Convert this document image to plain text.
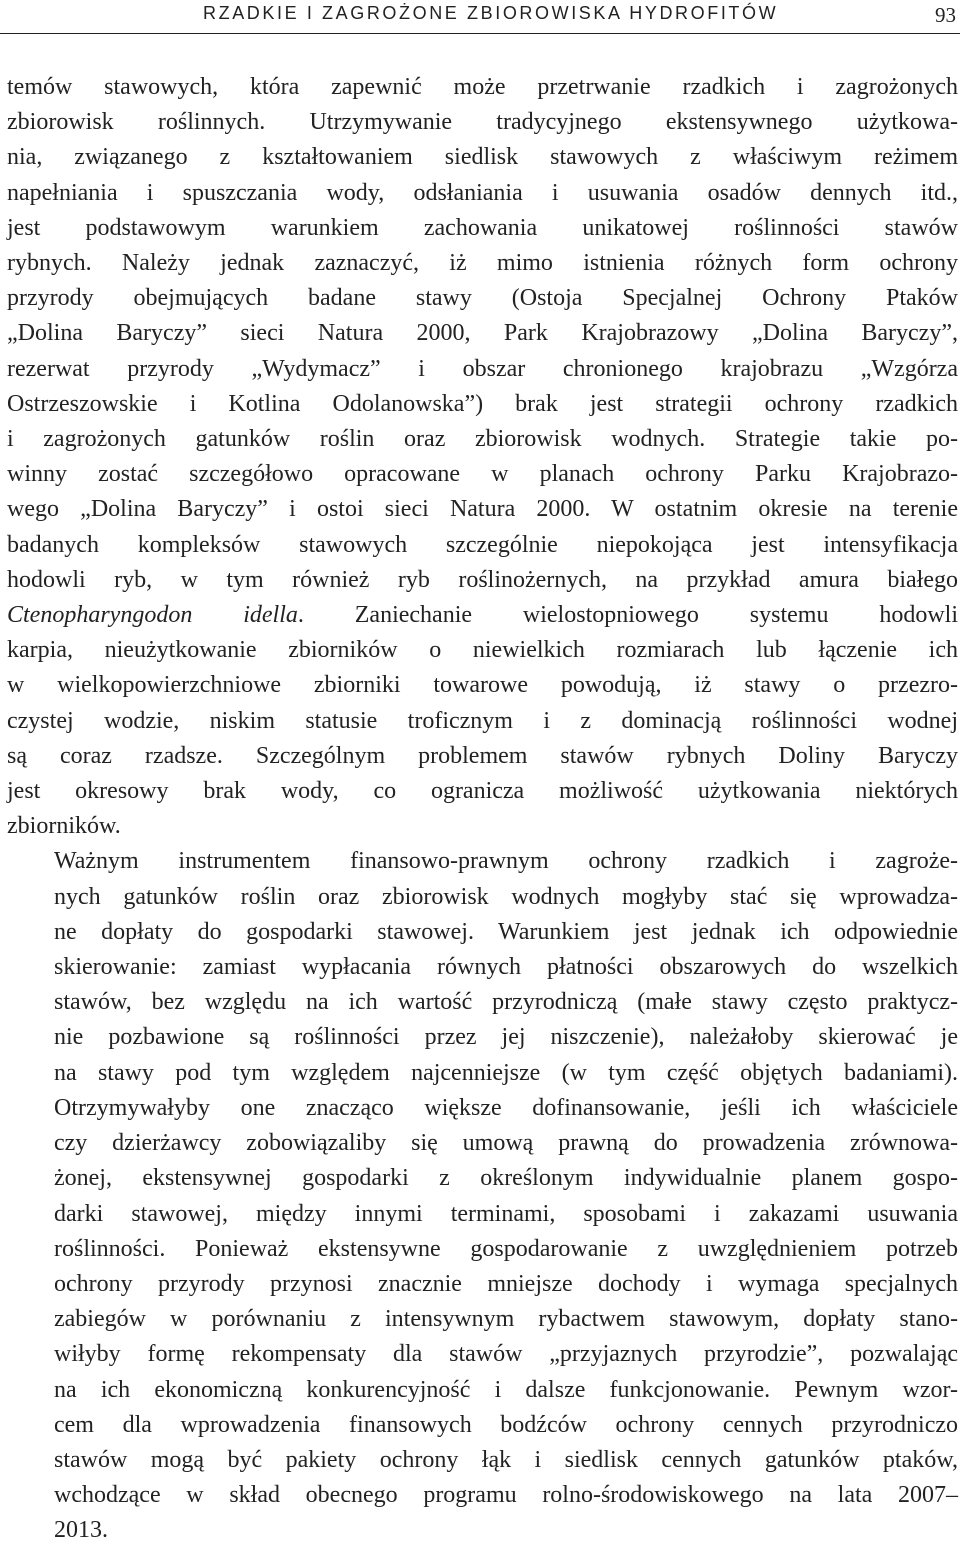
RZADKIE I ZAGROŻONE ZBIOROWISKA HYDROFITÓW	93

temów stawowych, która zapewnić może przetrwanie rzadkich i zagrożonych
zbiorowisk roślinnych. Utrzymywanie tradycyjnego ekstensywnego użytkowa-
nia, związanego z kształtowaniem siedlisk stawowych z właściwym reżimem
napełniania i spuszczania wody, odsłaniania i usuwania osadów dennych itd.,
jest podstawowym warunkiem zachowania unikatowej roślinności stawów
rybnych. Należy jednak zaznaczyć, iż mimo istnienia różnych form ochrony
przyrody obejmujących badane stawy (Ostoja Specjalnej Ochrony Ptaków
„Dolina Baryczy” sieci Natura 2000, Park Krajobrazowy „Dolina Baryczy”,
rezerwat przyrody „Wydymacz” i obszar chronionego krajobrazu „Wzgórza
Ostrzeszowskie i Kotlina Odolanowska”) brak jest strategii ochrony rzadkich
i zagrożonych gatunków roślin oraz zbiorowisk wodnych. Strategie takie po-
winny zostać szczegółowo opracowane w planach ochrony Parku Krajobrazo-
wego „Dolina Baryczy” i ostoi sieci Natura 2000. W ostatnim okresie na terenie
badanych kompleksów stawowych szczególnie niepokojąca jest intensyfikacja
hodowli ryb, w tym również ryb roślinożernych, na przykład amura białego
Ctenopharyngodon idella. Zaniechanie wielostopniowego systemu hodowli
karpia, nieużytkowanie zbiorników o niewielkich rozmiarach lub łączenie ich
w wielkopowierzchniowe zbiorniki towarowe powodują, iż stawy o przezro-
czystej wodzie, niskim statusie troficznym i z dominacją roślinności wodnej
są coraz rzadsze. Szczególnym problemem stawów rybnych Doliny Baryczy
jest okresowy brak wody, co ogranicza możliwość użytkowania niektórych
zbiorników.

Ważnym instrumentem finansowo-prawnym ochrony rzadkich i zagroże-
nych gatunków roślin oraz zbiorowisk wodnych mogłyby stać się wprowadza-
ne dopłaty do gospodarki stawowej. Warunkiem jest jednak ich odpowiednie
skierowanie: zamiast wypłacania równych płatności obszarowych do wszelkich
stawów, bez względu na ich wartość przyrodniczą (małe stawy często praktycz-
nie pozbawione są roślinności przez jej niszczenie), należałoby skierować je
na stawy pod tym względem najcenniejsze (w tym część objętych badaniami).
Otrzymywałyby one znacząco większe dofinansowanie, jeśli ich właściciele
czy dzierżawcy zobowiązaliby się umową prawną do prowadzenia zrównowa-
żonej, ekstensywnej gospodarki z określonym indywidualnie planem gospo-
darki stawowej, między innymi terminami, sposobami i zakazami usuwania
roślinności. Ponieważ ekstensywne gospodarowanie z uwzględnieniem potrzeb
ochrony przyrody przynosi znacznie mniejsze dochody i wymaga specjalnych
zabiegów w porównaniu z intensywnym rybactwem stawowym, dopłaty stano-
wiłyby formę rekompensaty dla stawów „przyjaznych przyrodzie”, pozwalając
na ich ekonomiczną konkurencyjność i dalsze funkcjonowanie. Pewnym wzor-
cem dla wprowadzenia finansowych bodźców ochrony cennych przyrodniczo
stawów mogą być pakiety ochrony łąk i siedlisk cennych gatunków ptaków,
wchodzące w skład obecnego programu rolno-środowiskowego na lata 2007–
2013.
